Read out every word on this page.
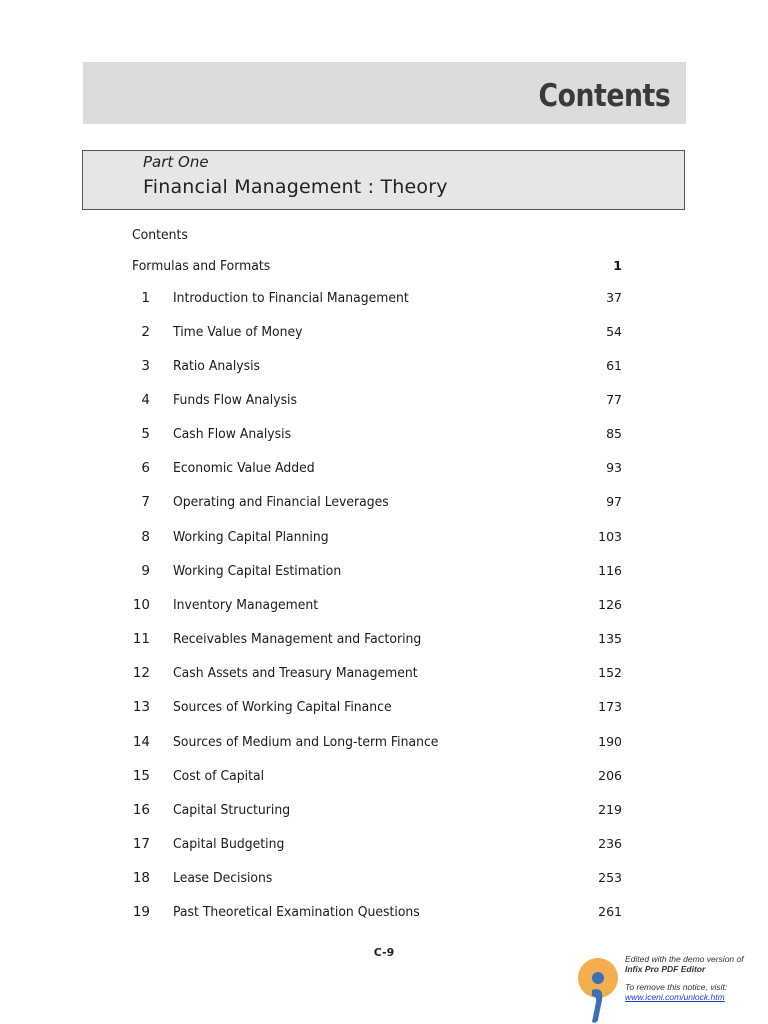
Contents
Part One
Financial Management : Theory
Contents
Formulas and Formats	1
1 Introduction to Financial Management	37
2 Time Value of Money	54
3 Ratio Analysis	61
4 Funds Flow Analysis	77
5 Cash Flow Analysis	85
6 Economic Value Added	93
7 Operating and Financial Leverages	97
8 Working Capital Planning	103
9 Working Capital Estimation	116
10 Inventory Management	126
11 Receivables Management and Factoring	135
12 Cash Assets and Treasury Management	152
13 Sources of Working Capital Finance	173
14 Sources of Medium and Long-term Finance	190
15 Cost of Capital	206
16 Capital Structuring	219
17 Capital Budgeting	236
18 Lease Decisions	253
19 Past Theoretical Examination Questions	261
C-9	Edited with the demo version of
Infix Pro PDF Editor
To remove this notice, visit:
www.iceni.com/unlock.htm
